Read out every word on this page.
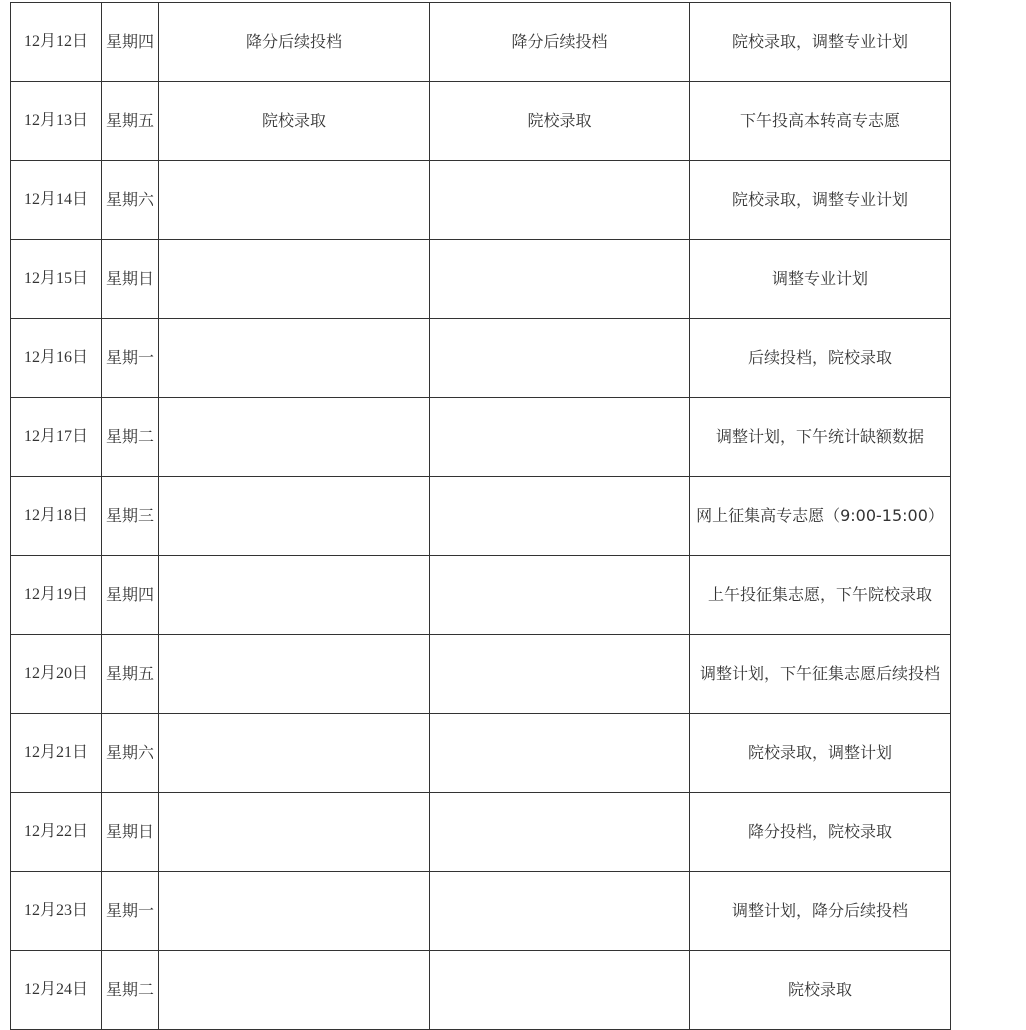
12月12日	星期四	降分后续投档	降分后续投档	院校录取，调整专业计划
12月13日	星期五	院校录取	院校录取	下午投高本转高专志愿
12月14日	星期六			院校录取，调整专业计划
12月15日	星期日			调整专业计划
12月16日	星期一			后续投档，院校录取
12月17日	星期二			调整计划，下午统计缺额数据
12月18日	星期三			网上征集高专志愿（9:00-15:00）
12月19日	星期四			上午投征集志愿，下午院校录取
12月20日	星期五			调整计划，下午征集志愿后续投档
12月21日	星期六			院校录取，调整计划
12月22日	星期日			降分投档，院校录取
12月23日	星期一			调整计划，降分后续投档
12月24日	星期二			院校录取
